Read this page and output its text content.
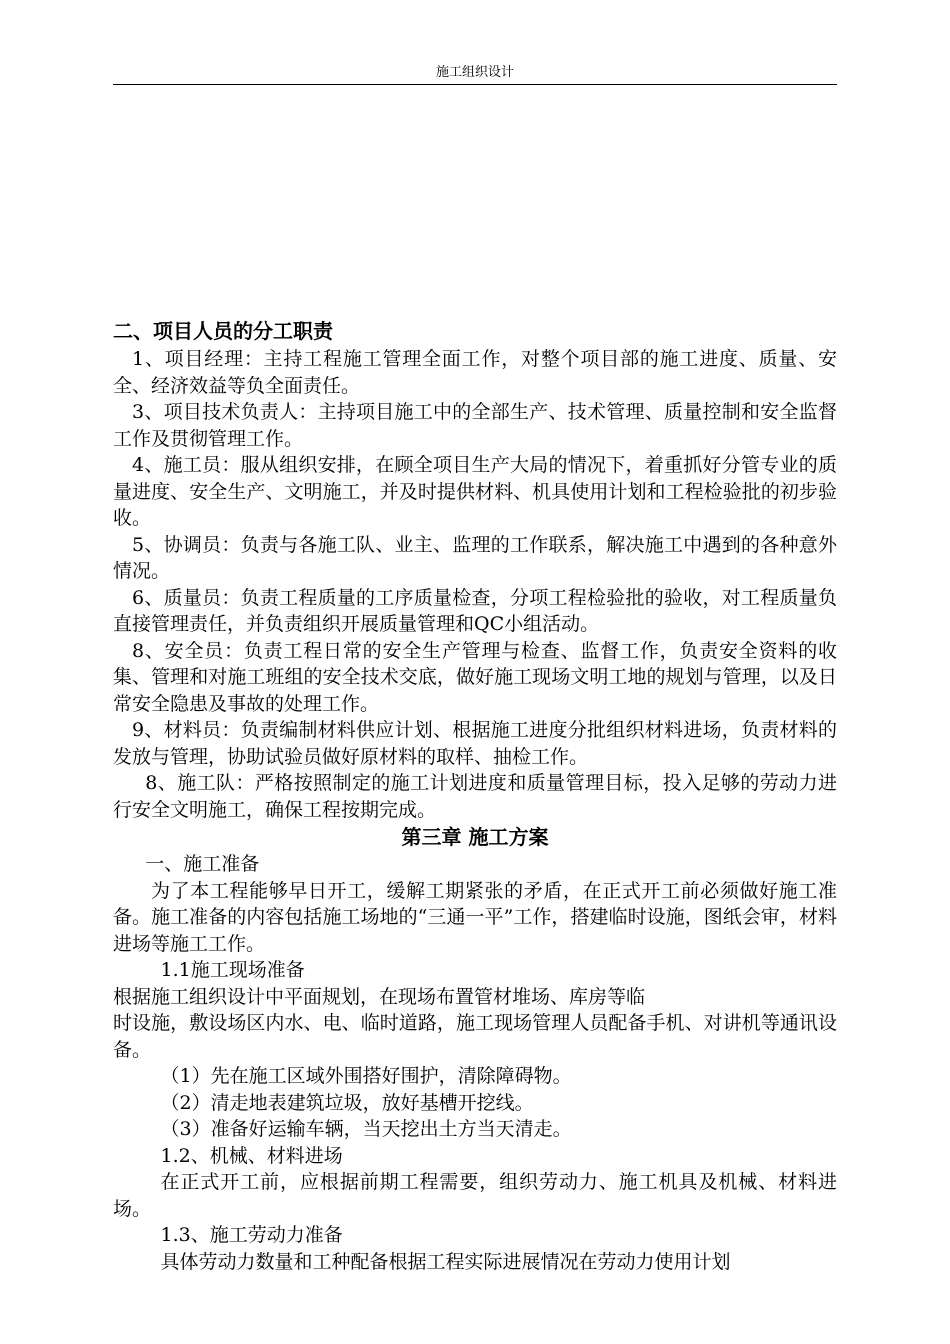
施工组织设计

二、项目人员的分工职责

1、项目经理：主持工程施工管理全面工作，对整个项目部的施工进度、质量、安全、经济效益等负全面责任。

3、项目技术负责人：主持项目施工中的全部生产、技术管理、质量控制和安全监督工作及贯彻管理工作。

4、施工员：服从组织安排，在顾全项目生产大局的情况下，着重抓好分管专业的质量进度、安全生产、文明施工，并及时提供材料、机具使用计划和工程检验批的初步验收。

5、协调员：负责与各施工队、业主、监理的工作联系，解决施工中遇到的各种意外情况。

6、质量员：负责工程质量的工序质量检查，分项工程检验批的验收，对工程质量负直接管理责任，并负责组织开展质量管理和QC小组活动。

8、安全员：负责工程日常的安全生产管理与检查、监督工作，负责安全资料的收集、管理和对施工班组的安全技术交底，做好施工现场文明工地的规划与管理，以及日常安全隐患及事故的处理工作。

9、材料员：负责编制材料供应计划、根据施工进度分批组织材料进场，负责材料的发放与管理，协助试验员做好原材料的取样、抽检工作。

8、施工队：严格按照制定的施工计划进度和质量管理目标，投入足够的劳动力进行安全文明施工，确保工程按期完成。

第三章 施工方案

一、施工准备

为了本工程能够早日开工，缓解工期紧张的矛盾，在正式开工前必须做好施工准备。施工准备的内容包括施工场地的“三通一平”工作，搭建临时设施，图纸会审，材料进场等施工工作。

1.1施工现场准备

根据施工组织设计中平面规划，在现场布置管材堆场、库房等临

时设施，敷设场区内水、电、临时道路，施工现场管理人员配备手机、对讲机等通讯设备。

（1）先在施工区域外围搭好围护，清除障碍物。

（2）清走地表建筑垃圾，放好基槽开挖线。

（3）准备好运输车辆，当天挖出土方当天清走。

1.2、机械、材料进场

在正式开工前，应根据前期工程需要，组织劳动力、施工机具及机械、材料进场。

1.3、施工劳动力准备

具体劳动力数量和工种配备根据工程实际进展情况在劳动力使用计划
